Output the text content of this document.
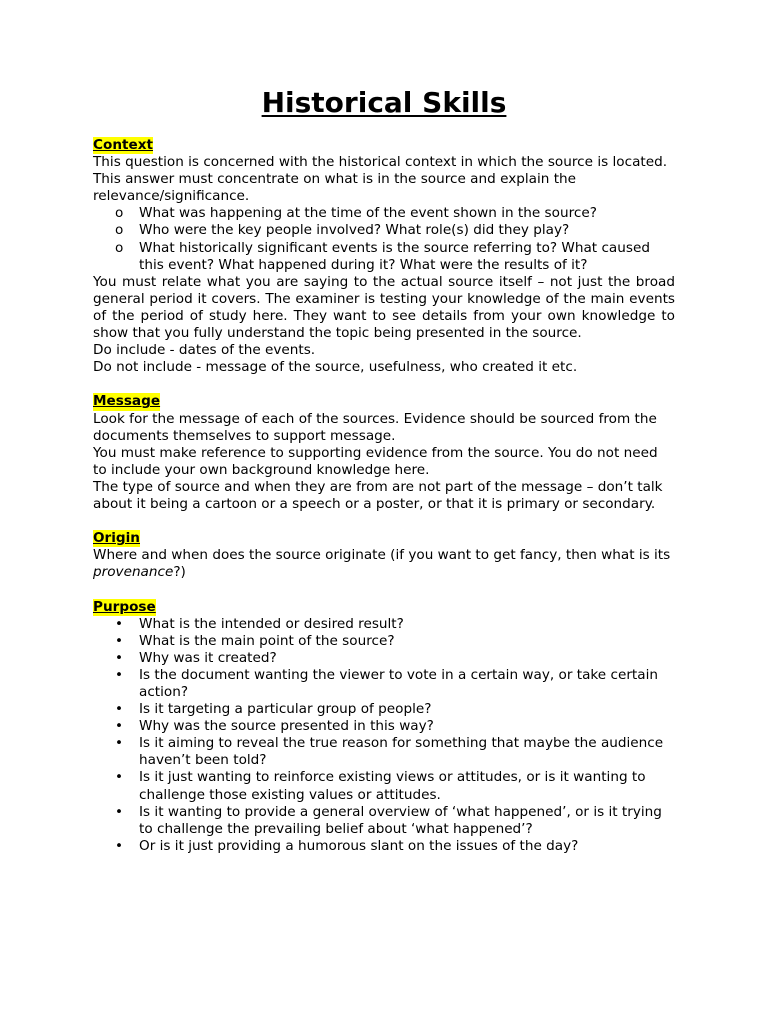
Historical Skills
Context

This question is concerned with the historical context in which the source is located. This answer must concentrate on what is in the source and explain the relevance/significance.

o What was happening at the time of the event shown in the source?
o Who were the key people involved? What role(s) did they play?
o What historically significant events is the source referring to? What caused this event? What happened during it? What were the results of it?

You must relate what you are saying to the actual source itself – not just the broad general period it covers. The examiner is testing your knowledge of the main events of the period of study here. They want to see details from your own knowledge to show that you fully understand the topic being presented in the source.

Do include - dates of the events.

Do not include - message of the source, usefulness, who created it etc.

Message

Look for the message of each of the sources. Evidence should be sourced from the documents themselves to support message.

You must make reference to supporting evidence from the source. You do not need to include your own background knowledge here.

The type of source and when they are from are not part of the message – don’t talk about it being a cartoon or a speech or a poster, or that it is primary or secondary.

Origin

Where and when does the source originate (if you want to get fancy, then what is its provenance?)

Purpose
• What is the intended or desired result?
• What is the main point of the source?
• Why was it created?
• Is the document wanting the viewer to vote in a certain way, or take certain action?
• Is it targeting a particular group of people?
• Why was the source presented in this way?
• Is it aiming to reveal the true reason for something that maybe the audience haven’t been told?
• Is it just wanting to reinforce existing views or attitudes, or is it wanting to challenge those existing values or attitudes.
• Is it wanting to provide a general overview of ‘what happened’, or is it trying to challenge the prevailing belief about ‘what happened’?
• Or is it just providing a humorous slant on the issues of the day?
